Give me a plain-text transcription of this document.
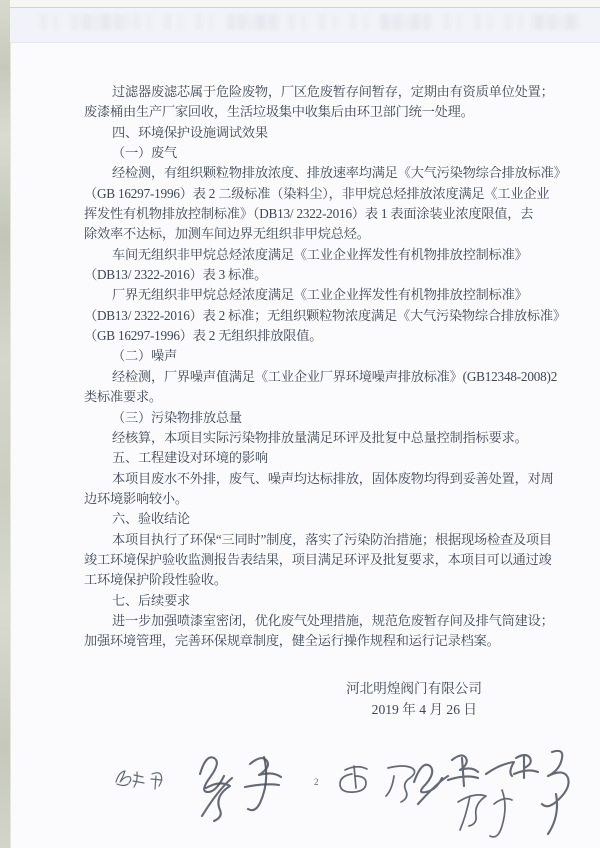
过滤器废滤芯属于危险废物，厂区危废暂存间暂存，定期由有资质单位处置；
废漆桶由生产厂家回收，生活垃圾集中收集后由环卫部门统一处理。
四、环境保护设施调试效果
（一）废气
经检测，有组织颗粒物排放浓度、排放速率均满足《大气污染物综合排放标准》
（GB 16297-1996）表 2 二级标准（染料尘），非甲烷总烃排放浓度满足《工业企业
挥发性有机物排放控制标准》（DB13/ 2322-2016）表 1 表面涂装业浓度限值，去
除效率不达标，加测车间边界无组织非甲烷总烃。
车间无组织非甲烷总烃浓度满足《工业企业挥发性有机物排放控制标准》
（DB13/ 2322-2016）表 3 标准。
厂界无组织非甲烷总烃浓度满足《工业企业挥发性有机物排放控制标准》
（DB13/ 2322-2016）表 2 标准；无组织颗粒物浓度满足《大气污染物综合排放标准》
（GB 16297-1996）表 2 无组织排放限值。
（二）噪声
经检测，厂界噪声值满足《工业企业厂界环境噪声排放标准》(GB12348-2008)2
类标准要求。
（三）污染物排放总量
经核算，本项目实际污染物排放量满足环评及批复中总量控制指标要求。
五、工程建设对环境的影响
本项目废水不外排，废气、噪声均达标排放，固体废物均得到妥善处置，对周
边环境影响较小。
六、验收结论
本项目执行了环保“三同时”制度，落实了污染防治措施；根据现场检查及项目
竣工环境保护验收监测报告表结果，项目满足环评及批复要求，本项目可以通过竣
工环境保护阶段性验收。
七、后续要求
进一步加强喷漆室密闭，优化废气处理措施，规范危废暂存间及排气筒建设；
加强环境管理，完善环保规章制度，健全运行操作规程和运行记录档案。
河北明煌阀门有限公司
2019 年 4 月 26 日
2
